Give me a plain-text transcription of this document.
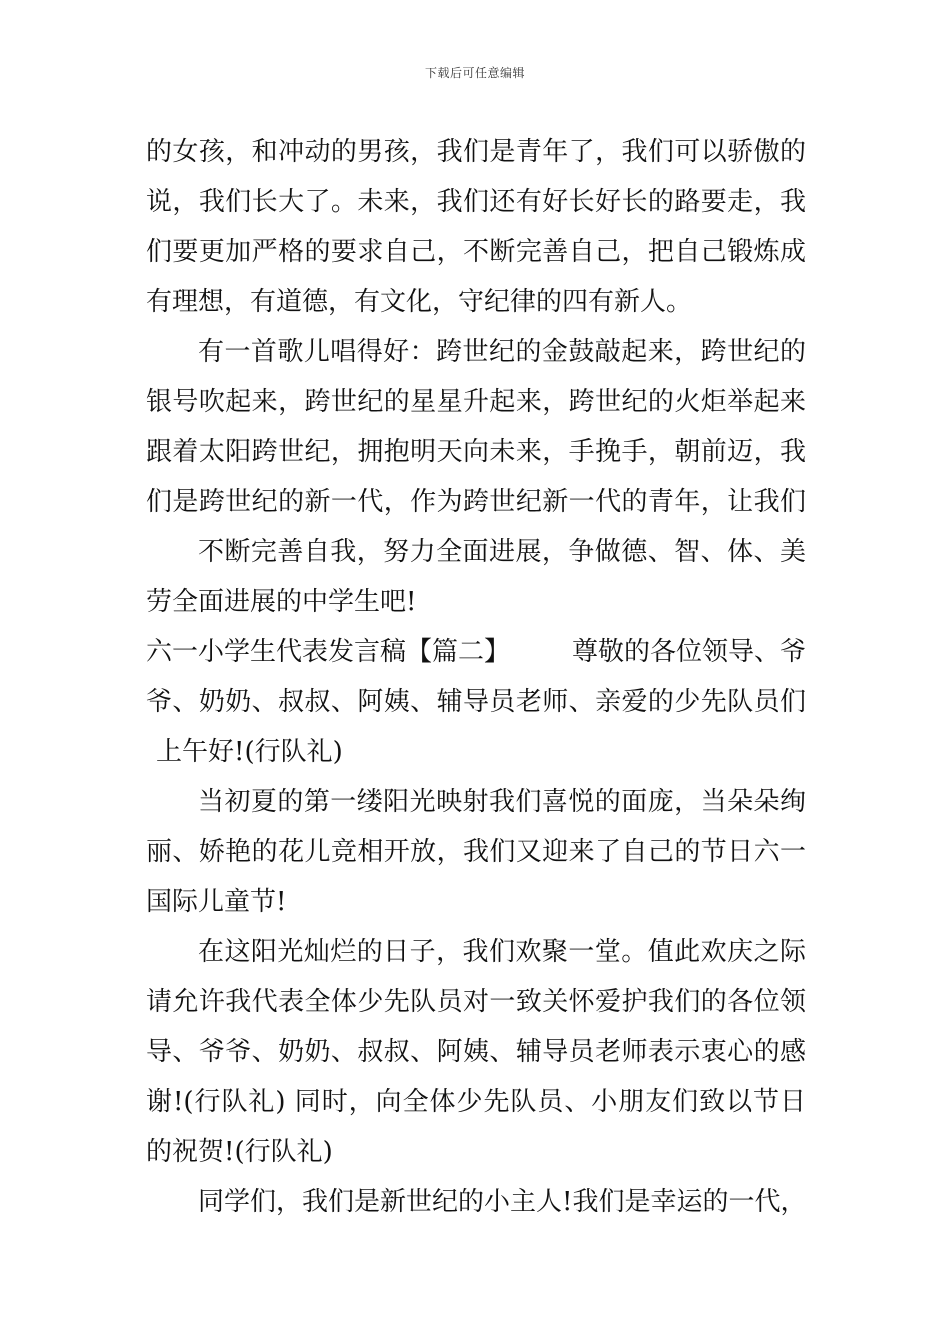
下载后可任意编辑
的女孩，和冲动的男孩，我们是青年了，我们可以骄傲的
说，我们长大了。未来，我们还有好长好长的路要走，我
们要更加严格的要求自己，不断完善自己，把自己锻炼成
有理想，有道德，有文化，守纪律的四有新人。
有一首歌儿唱得好：跨世纪的金鼓敲起来，跨世纪的
银号吹起来，跨世纪的星星升起来，跨世纪的火炬举起来
跟着太阳跨世纪，拥抱明天向未来，手挽手，朝前迈，我
们是跨世纪的新一代，作为跨世纪新一代的青年，让我们
不断完善自我，努力全面进展，争做德、智、体、美
劳全面进展的中学生吧!
六一小学生代表发言稿【篇二】 尊敬的各位领导、爷
爷、奶奶、叔叔、阿姨、辅导员老师、亲爱的少先队员们
上午好!(行队礼)
当初夏的第一缕阳光映射我们喜悦的面庞，当朵朵绚
丽、娇艳的花儿竞相开放，我们又迎来了自己的节日六一
国际儿童节!
在这阳光灿烂的日子，我们欢聚一堂。值此欢庆之际
请允许我代表全体少先队员对一致关怀爱护我们的各位领
导、爷爷、奶奶、叔叔、阿姨、辅导员老师表示衷心的感
谢!(行队礼) 同时，向全体少先队员、小朋友们致以节日
的祝贺!(行队礼)
同学们，我们是新世纪的小主人!我们是幸运的一代，
